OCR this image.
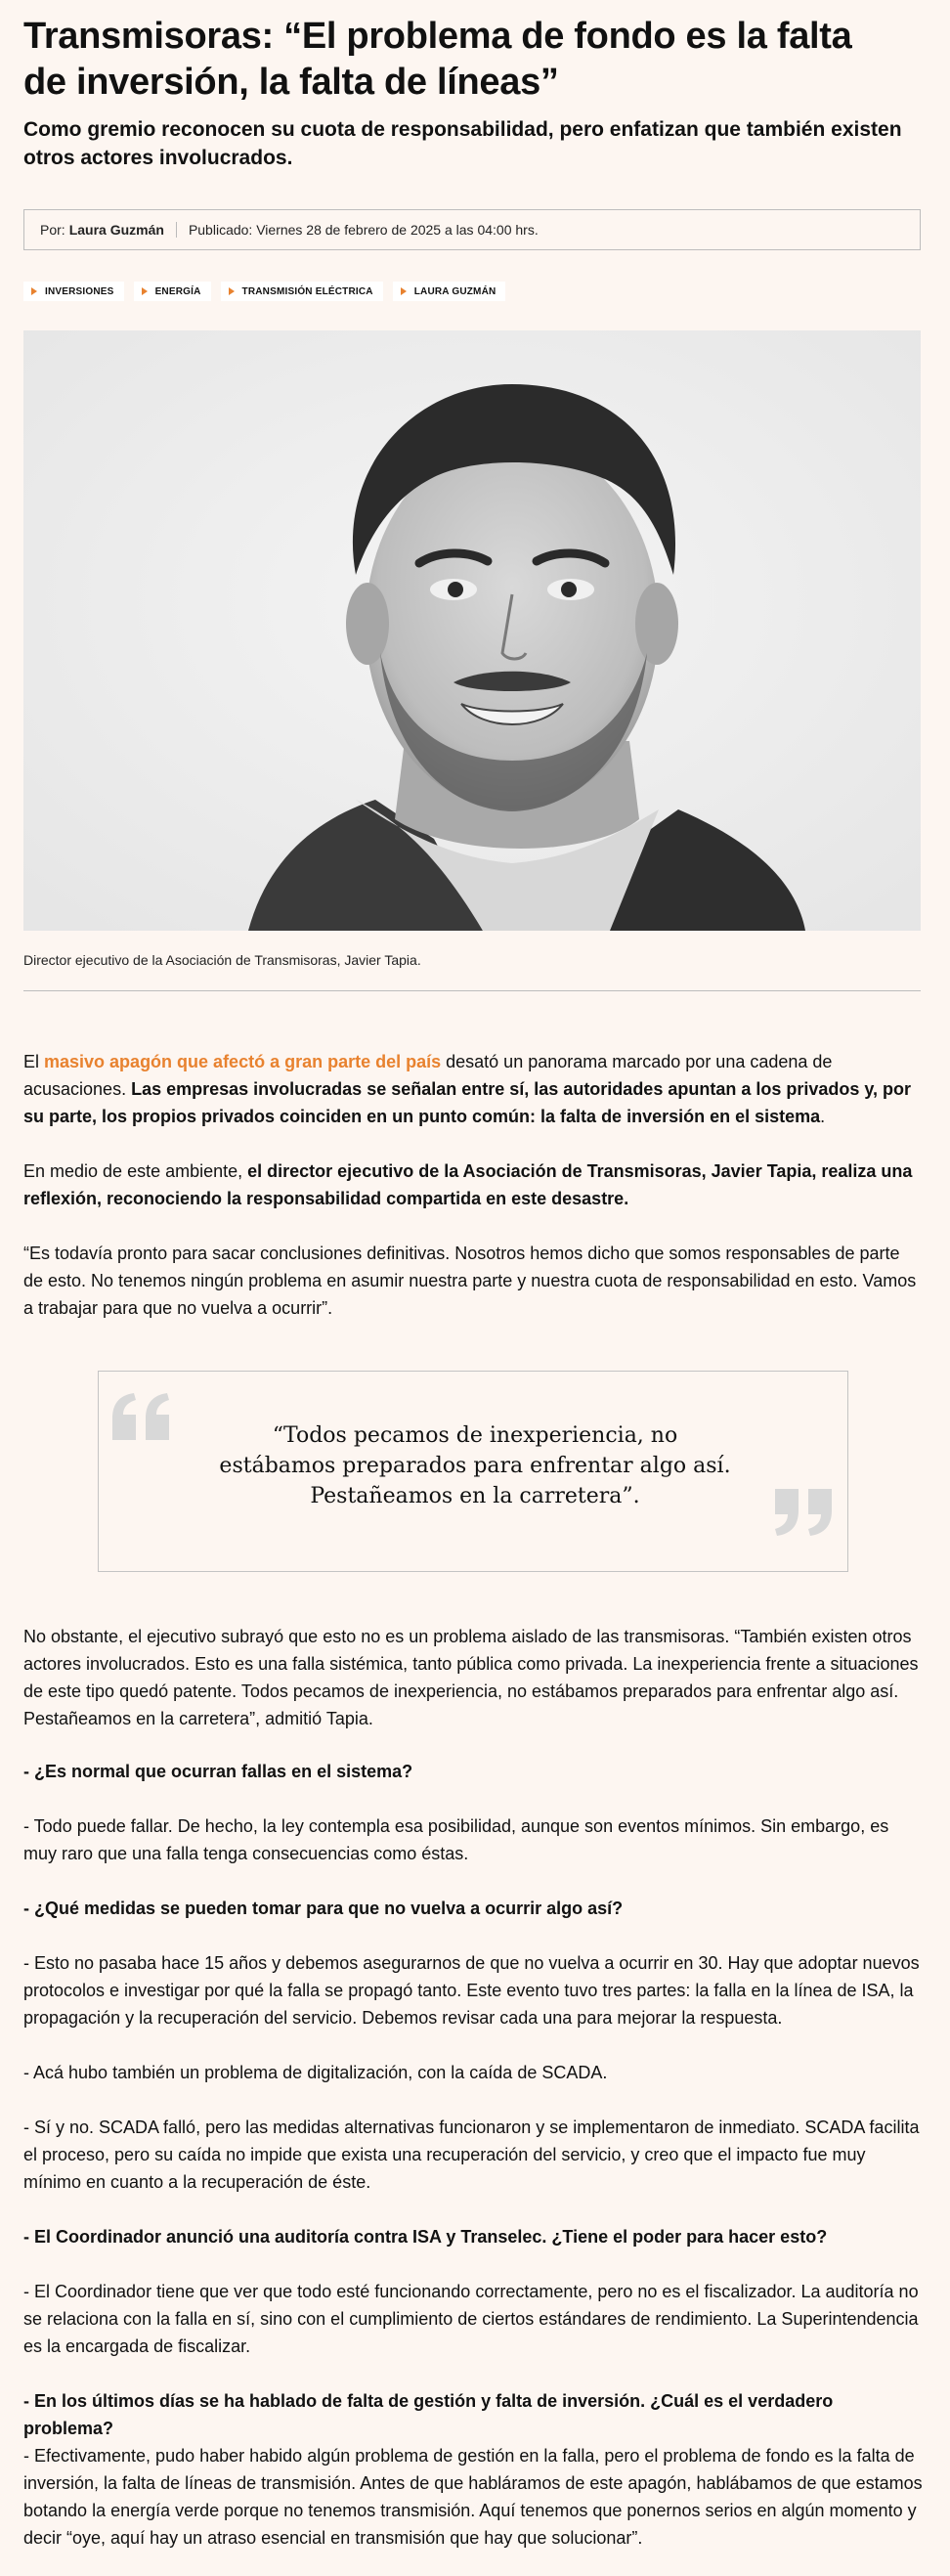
Transmisoras: “El problema de fondo es la falta de inversión, la falta de líneas”

Como gremio reconocen su cuota de responsabilidad, pero enfatizan que también existen otros actores involucrados.

Por: Laura Guzmán Publicado: Viernes 28 de febrero de 2025 a las 04:00 hrs.
INVERSIONES	ENERGÍA	TRANSMISIÓN ELÉCTRICA	LAURA GUZMÁN
Director ejecutivo de la Asociación de Transmisoras, Javier Tapia.

El masivo apagón que afectó a gran parte del país desató un panorama marcado por una cadena de acusaciones. Las empresas involucradas se señalan entre sí, las autoridades apuntan a los privados y, por su parte, los propios privados coinciden en un punto común: la falta de inversión en el sistema.

En medio de este ambiente, el director ejecutivo de la Asociación de Transmisoras, Javier Tapia, realiza una reflexión, reconociendo la responsabilidad compartida en este desastre.

“Es todavía pronto para sacar conclusiones definitivas. Nosotros hemos dicho que somos responsables de parte de esto. No tenemos ningún problema en asumir nuestra parte y nuestra cuota de responsabilidad en esto. Vamos a trabajar para que no vuelva a ocurrir”.

“Todos pecamos de inexperiencia, no estábamos preparados para enfrentar algo así. Pestañeamos en la carretera”.

No obstante, el ejecutivo subrayó que esto no es un problema aislado de las transmisoras. “También existen otros actores involucrados. Esto es una falla sistémica, tanto pública como privada. La inexperiencia frente a situaciones de este tipo quedó patente. Todos pecamos de inexperiencia, no estábamos preparados para enfrentar algo así. Pestañeamos en la carretera”, admitió Tapia.

- ¿Es normal que ocurran fallas en el sistema?

- Todo puede fallar. De hecho, la ley contempla esa posibilidad, aunque son eventos mínimos. Sin embargo, es muy raro que una falla tenga consecuencias como éstas.

- ¿Qué medidas se pueden tomar para que no vuelva a ocurrir algo así?

- Esto no pasaba hace 15 años y debemos asegurarnos de que no vuelva a ocurrir en 30. Hay que adoptar nuevos protocolos e investigar por qué la falla se propagó tanto. Este evento tuvo tres partes: la falla en la línea de ISA, la propagación y la recuperación del servicio. Debemos revisar cada una para mejorar la respuesta.

- Acá hubo también un problema de digitalización, con la caída de SCADA.

- Sí y no. SCADA falló, pero las medidas alternativas funcionaron y se implementaron de inmediato. SCADA facilita el proceso, pero su caída no impide que exista una recuperación del servicio, y creo que el impacto fue muy mínimo en cuanto a la recuperación de éste.

- El Coordinador anunció una auditoría contra ISA y Transelec. ¿Tiene el poder para hacer esto?

- El Coordinador tiene que ver que todo esté funcionando correctamente, pero no es el fiscalizador. La auditoría no se relaciona con la falla en sí, sino con el cumplimiento de ciertos estándares de rendimiento. La Superintendencia es la encargada de fiscalizar.

- En los últimos días se ha hablado de falta de gestión y falta de inversión. ¿Cuál es el verdadero problema?

- Efectivamente, pudo haber habido algún problema de gestión en la falla, pero el problema de fondo es la falta de inversión, la falta de líneas de transmisión. Antes de que habláramos de este apagón, hablábamos de que estamos botando la energía verde porque no tenemos transmisión. Aquí tenemos que ponernos serios en algún momento y decir “oye, aquí hay un atraso esencial en transmisión que hay que solucionar”.
